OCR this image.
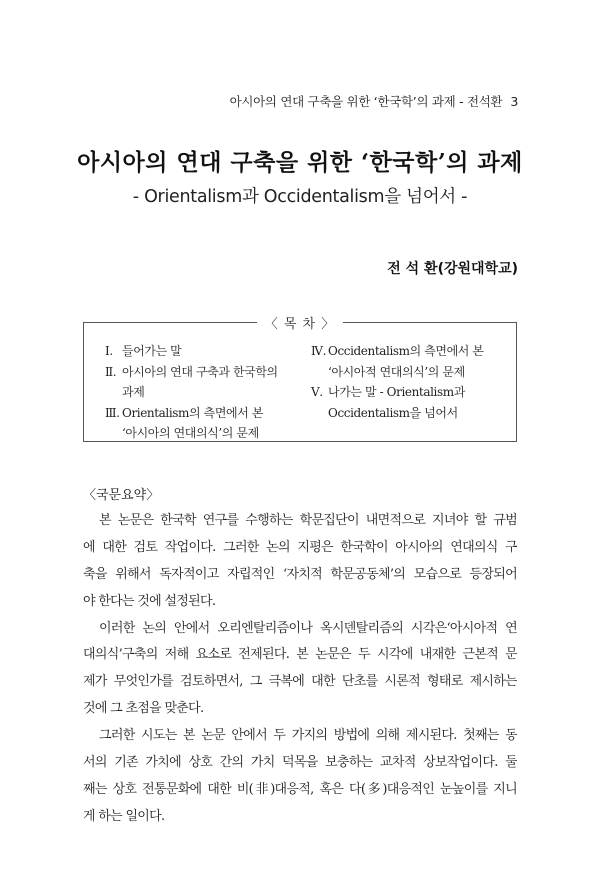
아시아의 연대 구축을 위한 ‘한국학’의 과제 - 전석환 3
아시아의 연대 구축을 위한 ‘한국학’의 과제
- Orientalism과 Occidentalism을 넘어서 -
전 석 환(강원대학교)
〈 목 차 〉
Ⅰ. 들어가는 말
Ⅱ. 아시아의 연대 구축과 한국학의
과제
Ⅲ. Orientalism의 측면에서 본
‘아시아의 연대의식’의 문제
Ⅳ. Occidentalism의 측면에서 본
‘아시아적 연대의식’의 문제
Ⅴ. 나가는 말 - Orientalism과
Occidentalism을 넘어서
〈국문요약〉
본 논문은 한국학 연구를 수행하는 학문집단이 내면적으로 지녀야 할 규범
에 대한 검토 작업이다. 그러한 논의 지평은 한국학이 아시아의 연대의식 구
축을 위해서 독자적이고 자립적인 ‘자치적 학문공동체’의 모습으로 등장되어
야 한다는 것에 설정된다.
이러한 논의 안에서 오리엔탈리즘이나 옥시덴탈리즘의 시각은‘아시아적 연
대의식’구축의 저해 요소로 전제된다. 본 논문은 두 시각에 내재한 근본적 문
제가 무엇인가를 검토하면서, 그 극복에 대한 단초를 시론적 형태로 제시하는
것에 그 초점을 맞춘다.
그러한 시도는 본 논문 안에서 두 가지의 방법에 의해 제시된다. 첫째는 동
서의 기존 가치에 상호 간의 가치 덕목을 보충하는 교차적 상보작업이다. 둘
째는 상호 전통문화에 대한 비(非)대응적, 혹은 다(多)대응적인 눈높이를 지니
게 하는 일이다.
